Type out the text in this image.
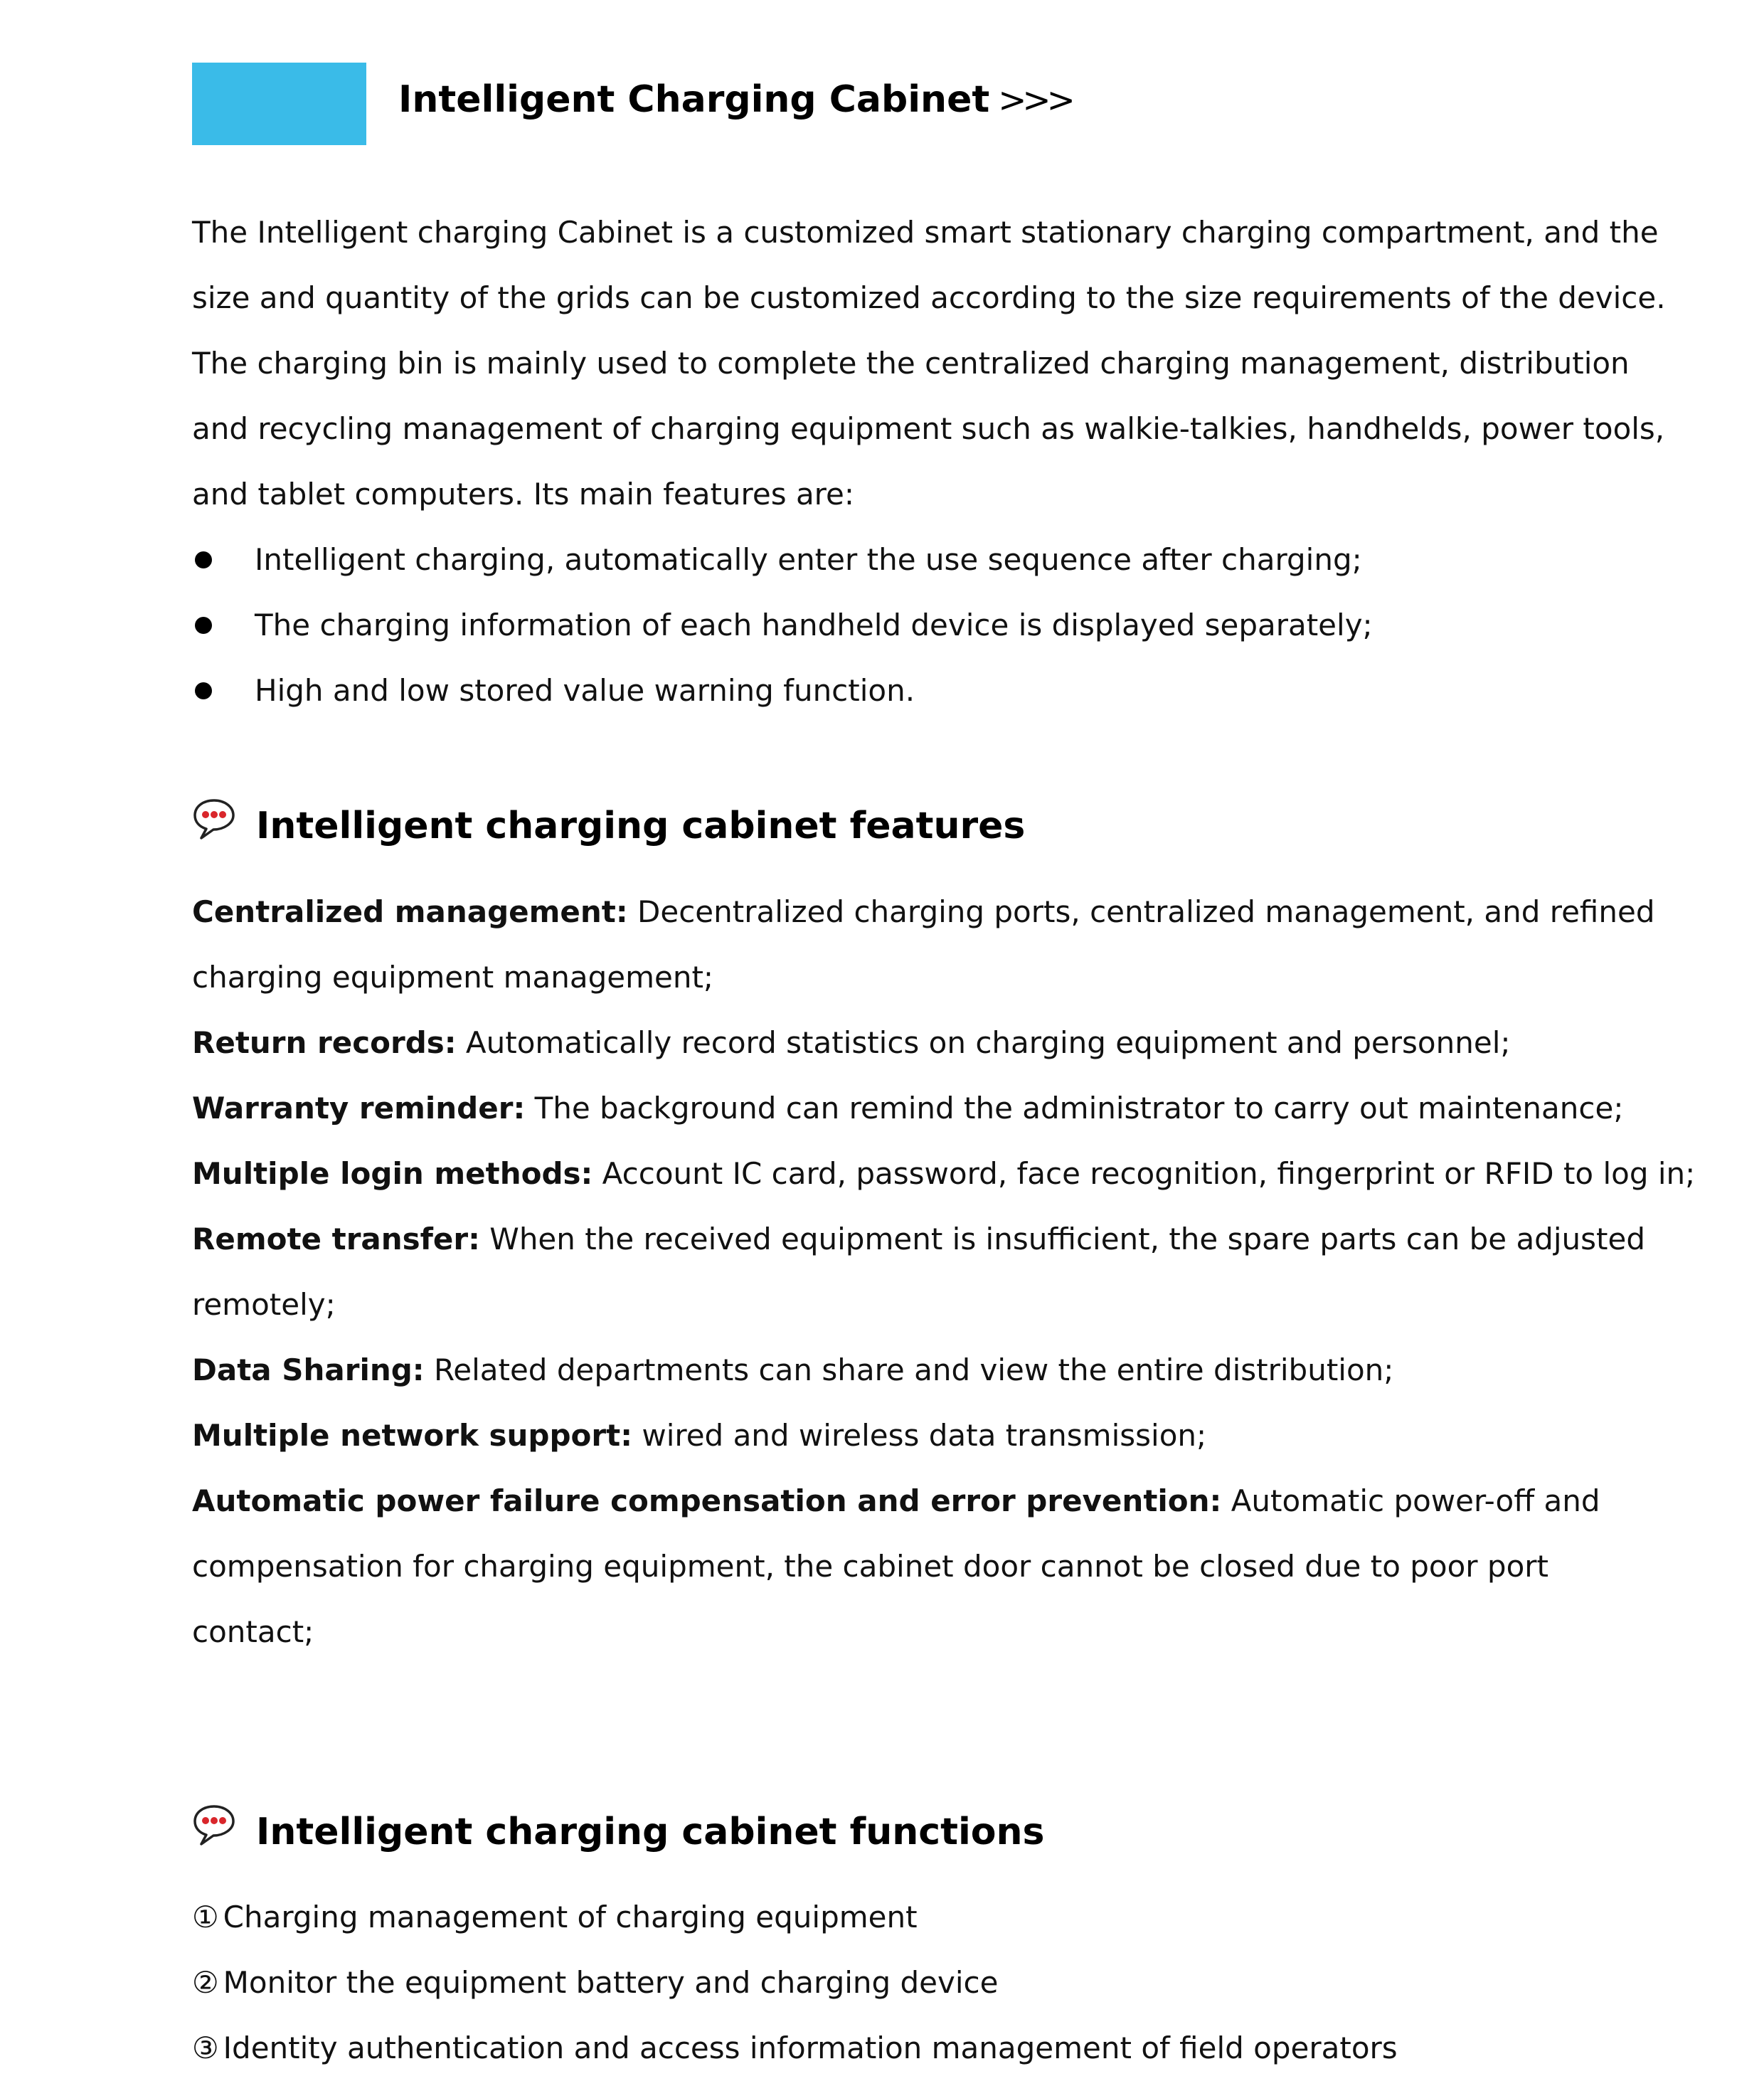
Intelligent Charging Cabinet >>>
The Intelligent charging Cabinet is a customized smart stationary charging compartment, and the
size and quantity of the grids can be customized according to the size requirements of the device.
The charging bin is mainly used to complete the centralized charging management, distribution
and recycling management of charging equipment such as walkie-talkies, handhelds, power tools,
and tablet computers. Its main features are:
Intelligent charging, automatically enter the use sequence after charging;
The charging information of each handheld device is displayed separately;
High and low stored value warning function.
Intelligent charging cabinet features
Centralized management: Decentralized charging ports, centralized management, and refined
charging equipment management;
Return records: Automatically record statistics on charging equipment and personnel;
Warranty reminder: The background can remind the administrator to carry out maintenance;
Multiple login methods: Account IC card, password, face recognition, fingerprint or RFID to log in;
Remote transfer: When the received equipment is insufficient, the spare parts can be adjusted
remotely;
Data Sharing: Related departments can share and view the entire distribution;
Multiple network support: wired and wireless data transmission;
Automatic power failure compensation and error prevention: Automatic power-off and
compensation for charging equipment, the cabinet door cannot be closed due to poor port
contact;
Intelligent charging cabinet functions
① Charging management of charging equipment
② Monitor the equipment battery and charging device
③ Identity authentication and access information management of field operators
